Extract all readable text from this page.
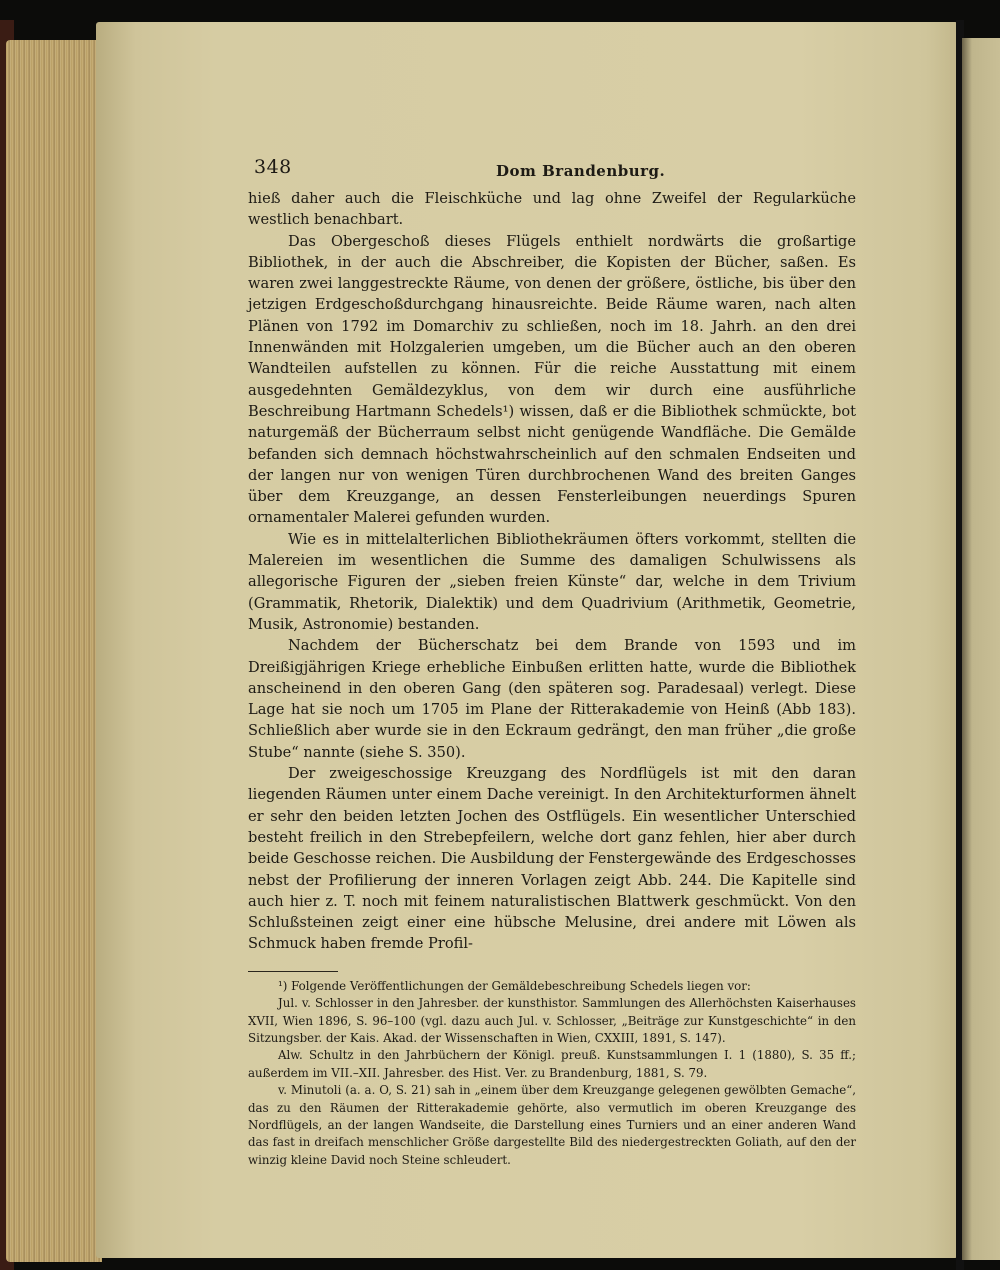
348	Dom Brandenburg.

hieß daher auch die Fleischküche und lag ohne Zweifel der Regularküche westlich benachbart.

Das Obergeschoß dieses Flügels enthielt nordwärts die großartige Bibliothek, in der auch die Abschreiber, die Kopisten der Bücher, saßen. Es waren zwei langgestreckte Räume, von denen der größere, östliche, bis über den jetzigen Erdgeschoßdurchgang hinausreichte. Beide Räume waren, nach alten Plänen von 1792 im Domarchiv zu schließen, noch im 18. Jahrh. an den drei Innenwänden mit Holzgalerien umgeben, um die Bücher auch an den oberen Wandteilen aufstellen zu können. Für die reiche Ausstattung mit einem ausgedehnten Gemäldezyklus, von dem wir durch eine ausführliche Beschreibung Hartmann Schedels¹) wissen, daß er die Bibliothek schmückte, bot naturgemäß der Bücherraum selbst nicht genügende Wandfläche. Die Gemälde befanden sich demnach höchstwahrscheinlich auf den schmalen Endseiten und der langen nur von wenigen Türen durchbrochenen Wand des breiten Ganges über dem Kreuzgange, an dessen Fensterleibungen neuerdings Spuren ornamentaler Malerei gefunden wurden.

Wie es in mittelalterlichen Bibliothekräumen öfters vorkommt, stellten die Malereien im wesentlichen die Summe des damaligen Schulwissens als allegorische Figuren der „sieben freien Künste“ dar, welche in dem Trivium (Grammatik, Rhetorik, Dialektik) und dem Quadrivium (Arithmetik, Geometrie, Musik, Astronomie) bestanden.

Nachdem der Bücherschatz bei dem Brande von 1593 und im Dreißigjährigen Kriege erhebliche Einbußen erlitten hatte, wurde die Bibliothek anscheinend in den oberen Gang (den späteren sog. Paradesaal) verlegt. Diese Lage hat sie noch um 1705 im Plane der Ritterakademie von Heinß (Abb 183). Schließlich aber wurde sie in den Eckraum gedrängt, den man früher „die große Stube“ nannte (siehe S. 350).

Der zweigeschossige Kreuzgang des Nordflügels ist mit den daran liegenden Räumen unter einem Dache vereinigt. In den Architekturformen ähnelt er sehr den beiden letzten Jochen des Ostflügels. Ein wesentlicher Unterschied besteht freilich in den Strebepfeilern, welche dort ganz fehlen, hier aber durch beide Geschosse reichen. Die Ausbildung der Fenstergewände des Erdgeschosses nebst der Profilierung der inneren Vorlagen zeigt Abb. 244. Die Kapitelle sind auch hier z. T. noch mit feinem naturalistischen Blattwerk geschmückt. Von den Schlußsteinen zeigt einer eine hübsche Melusine, drei andere mit Löwen als Schmuck haben fremde Profil-

¹) Folgende Veröffentlichungen der Gemäldebeschreibung Schedels liegen vor:

Jul. v. Schlosser in den Jahresber. der kunsthistor. Sammlungen des Allerhöchsten Kaiserhauses XVII, Wien 1896, S. 96–100 (vgl. dazu auch Jul. v. Schlosser, „Beiträge zur Kunstgeschichte“ in den Sitzungsber. der Kais. Akad. der Wissenschaften in Wien, CXXIII, 1891, S. 147).

Alw. Schultz in den Jahrbüchern der Königl. preuß. Kunstsammlungen I. 1 (1880), S. 35 ff.; außerdem im VII.–XII. Jahresber. des Hist. Ver. zu Brandenburg, 1881, S. 79.

v. Minutoli (a. a. O, S. 21) sah in „einem über dem Kreuzgange gelegenen gewölbten Gemache“, das zu den Räumen der Ritterakademie gehörte, also vermutlich im oberen Kreuzgange des Nordflügels, an der langen Wandseite, die Darstellung eines Turniers und an einer anderen Wand das fast in dreifach menschlicher Größe dargestellte Bild des niedergestreckten Goliath, auf den der winzig kleine David noch Steine schleudert.
